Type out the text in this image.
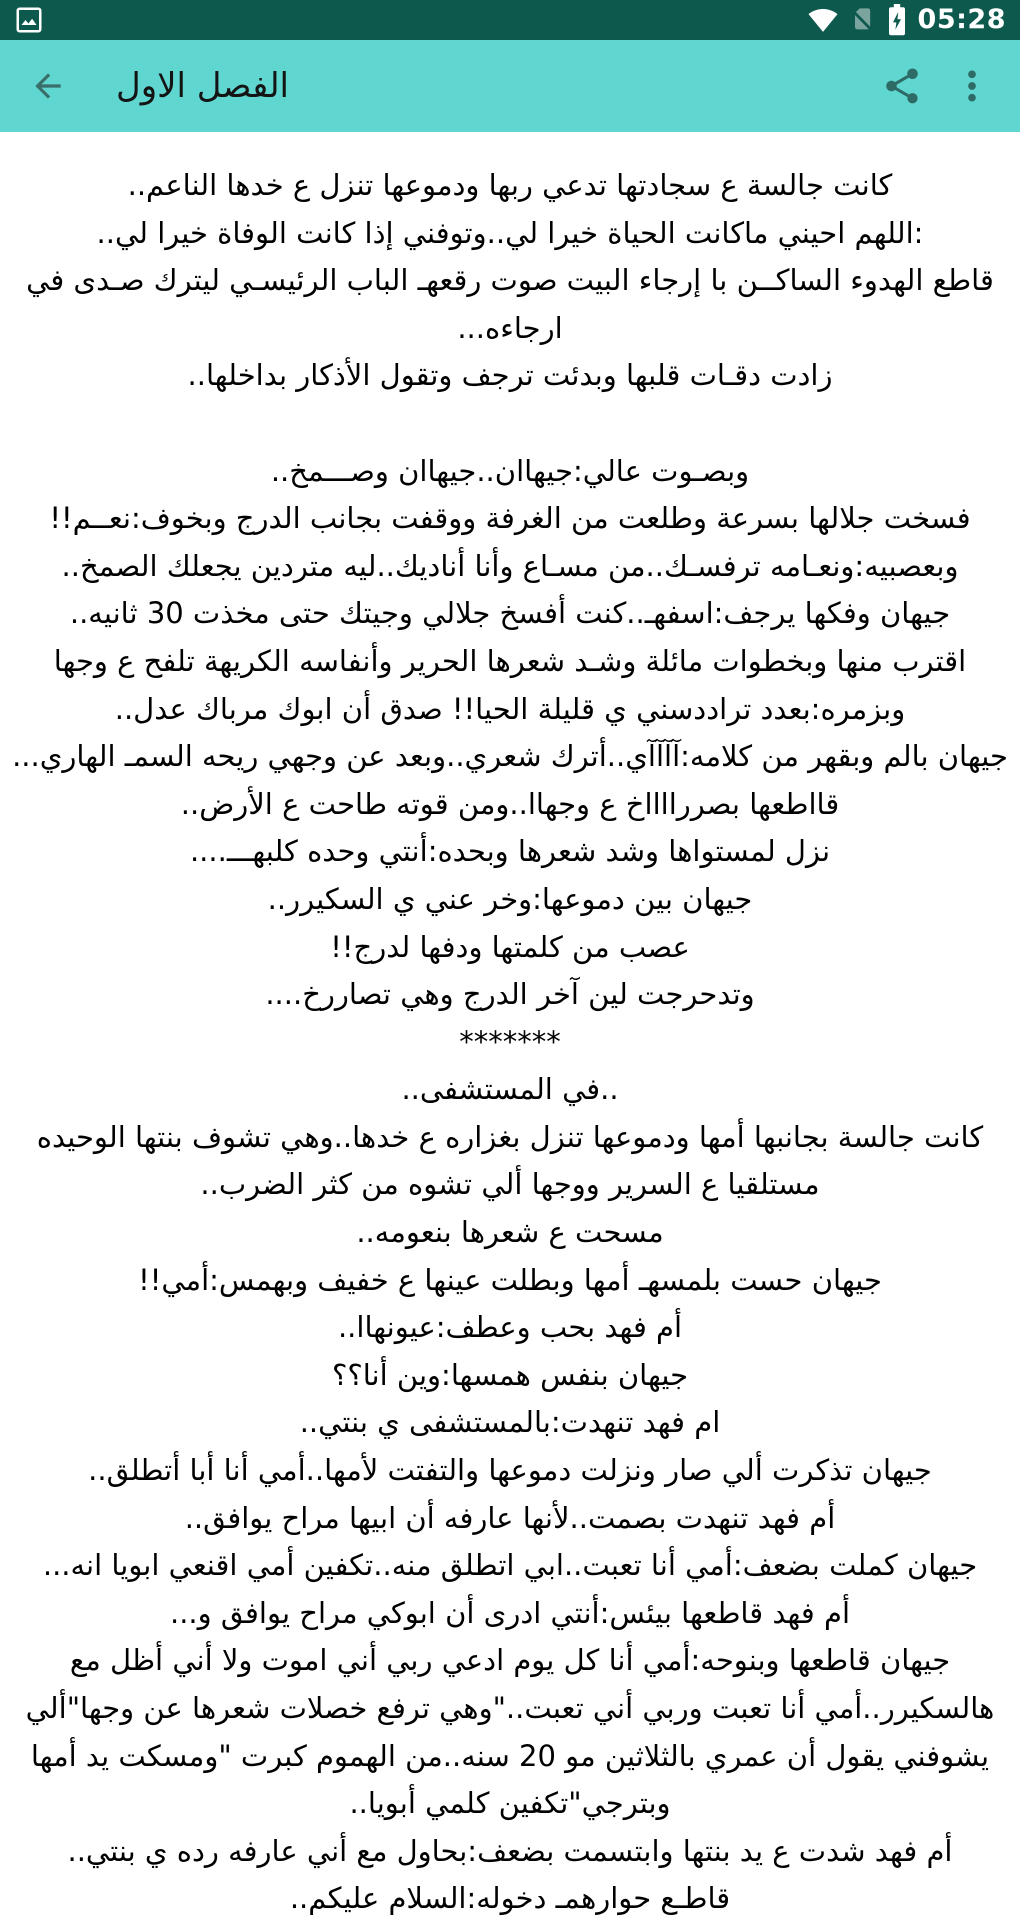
05:28
الفصل الاول
كانت جالسة ع سجادتها تدعي ربها ودموعها تنزل ع خدها الناعم..
:اللهم احيني ماكانت الحياة خيرا لي..وتوفني إذا كانت الوفاة خيرا لي..
قاطع الهدوء الساكــن با إرجاء البيت صوت رقعهـ الباب الرئيسـي ليترك صـدى في ارجاءه...
زادت دقـات قلبها وبدئت ترجف وتقول الأذكار بداخلها..
وبصـوت عالي:جيهاان..جيهاان وصـــمخ..
فسخت جلالها بسرعة وطلعت من الغرفة ووقفت بجانب الدرج وبخوف:نعــم!!
وبعصبيه:ونعـامه ترفسـك..من مسـاع وأنا أناديك..ليه متردين يجعلك الصمخ..
جيهان وفكها يرجف:اسفهـ..كنت أفسخ جلالي وجيتك حتى مخذت 30 ثانيه..
اقترب منها وبخطوات مائلة وشـد شعرها الحرير وأنفاسه الكريهة تلفح ع وجها وبزمره:بعدد تراددسني ي قليلة الحيا!! صدق أن ابوك مرباك عدل..
جيهان بالم وبقهر من كلامه:آآآآي..أترك شعري..وبعد عن وجهي ريحه السمـ الهاري...
قااطعها بصررااااخ ع وجهاا..ومن قوته طاحت ع الأرض..
نزل لمستواها وشد شعرها وبحده:أنتي وحده كلبهـــ....
جيهان بين دموعها:وخر عني ي السكيرر..
عصب من كلمتها ودفها لدرج!!
وتدحرجت لين آخر الدرج وهي تصاررخ....
*******
..في المستشفى..
كانت جالسة بجانبها أمها ودموعها تنزل بغزاره ع خدها..وهي تشوف بنتها الوحيده مستلقيا ع السرير ووجها ألي تشوه من كثر الضرب..
مسحت ع شعرها بنعومه..
جيهان حست بلمسهـ أمها وبطلت عينها ع خفيف وبهمس:أمي!!
أم فهد بحب وعطف:عيونهاا..
جيهان بنفس همسها:وين أنا؟؟
ام فهد تنهدت:بالمستشفى ي بنتي..
جيهان تذكرت ألي صار ونزلت دموعها والتفتت لأمها..أمي أنا أبا أتطلق..
أم فهد تنهدت بصمت..لأنها عارفه أن ابيها مراح يوافق..
جيهان كملت بضعف:أمي أنا تعبت..ابي اتطلق منه..تكفين أمي اقنعي ابويا انه...
أم فهد قاطعها بيئس:أنتي ادرى أن ابوكي مراح يوافق و...
جيهان قاطعها وبنوحه:أمي أنا كل يوم ادعي ربي أني اموت ولا أني أظل مع هالسكيرر..أمي أنا تعبت وربي أني تعبت.."وهي ترفع خصلات شعرها عن وجها"ألي يشوفني يقول أن عمري بالثلاثين مو 20 سنه..من الهموم كبرت "ومسكت يد أمها وبترجي"تكفين كلمي أبويا..
أم فهد شدت ع يد بنتها وابتسمت بضعف:بحاول مع أني عارفه رده ي بنتي..
قاطـع حوارهمـ دخوله:السلام عليكم..
